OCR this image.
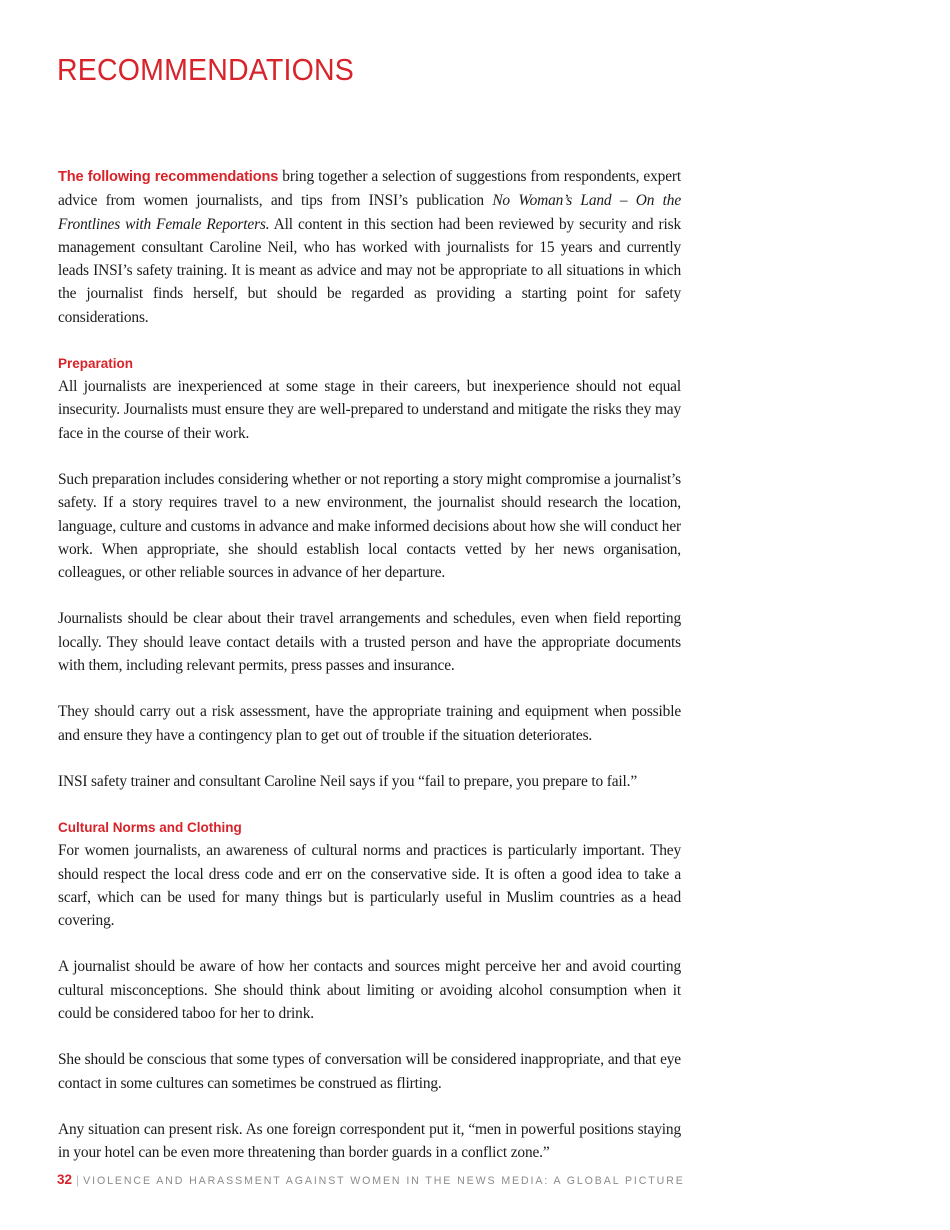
RECOMMENDATIONS

The following recommendations bring together a selection of suggestions from respondents, expert advice from women journalists, and tips from INSI’s publication No Woman’s Land – On the Frontlines with Female Reporters. All content in this section had been reviewed by security and risk management consultant Caroline Neil, who has worked with journalists for 15 years and currently leads INSI’s safety training. It is meant as advice and may not be appropriate to all situations in which the journalist finds herself, but should be regarded as providing a starting point for safety considerations.

Preparation

All journalists are inexperienced at some stage in their careers, but inexperience should not equal insecurity. Journalists must ensure they are well-prepared to understand and mitigate the risks they may face in the course of their work.

Such preparation includes considering whether or not reporting a story might compromise a journalist’s safety. If a story requires travel to a new environment, the journalist should research the location, language, culture and customs in advance and make informed decisions about how she will conduct her work. When appropriate, she should establish local contacts vetted by her news organisation, colleagues, or other reliable sources in advance of her departure.

Journalists should be clear about their travel arrangements and schedules, even when field reporting locally. They should leave contact details with a trusted person and have the appropriate documents with them, including relevant permits, press passes and insurance.

They should carry out a risk assessment, have the appropriate training and equipment when possible and ensure they have a contingency plan to get out of trouble if the situation deteriorates.

INSI safety trainer and consultant Caroline Neil says if you “fail to prepare, you prepare to fail.”

Cultural Norms and Clothing

For women journalists, an awareness of cultural norms and practices is particularly important. They should respect the local dress code and err on the conservative side. It is often a good idea to take a scarf, which can be used for many things but is particularly useful in Muslim countries as a head covering.

A journalist should be aware of how her contacts and sources might perceive her and avoid courting cultural misconceptions. She should think about limiting or avoiding alcohol consumption when it could be considered taboo for her to drink.

She should be conscious that some types of conversation will be considered inappropriate, and that eye contact in some cultures can sometimes be construed as flirting.

Any situation can present risk. As one foreign correspondent put it, “men in powerful positions staying in your hotel can be even more threatening than border guards in a conflict zone.”

32 | VIOLENCE AND HARASSMENT AGAINST WOMEN IN THE NEWS MEDIA: A GLOBAL PICTURE
